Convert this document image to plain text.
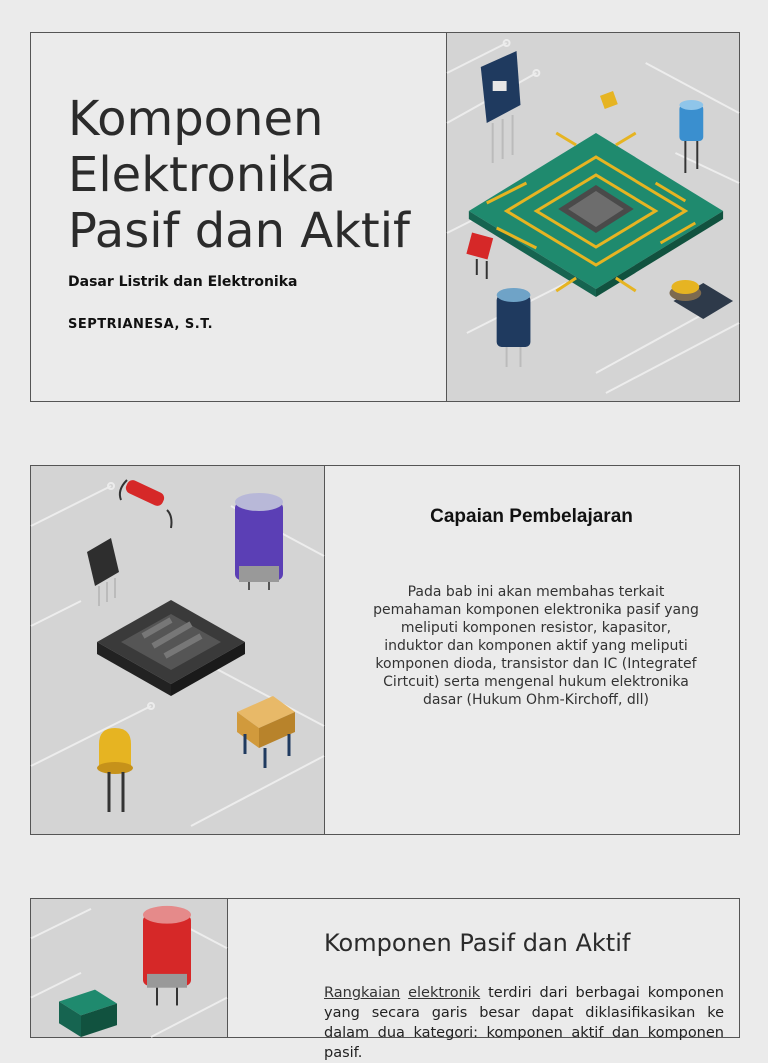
Komponen Elektronika Pasif dan Aktif
Dasar Listrik dan Elektronika
SEPTRIANESA, S.T.
Capaian Pembelajaran
Pada bab ini akan membahas terkait pemahaman komponen elektronika pasif yang meliputi komponen resistor, kapasitor, induktor dan komponen aktif yang meliputi komponen dioda, transistor dan IC (Integratef Cirtcuit) serta mengenal hukum elektronika dasar (Hukum Ohm-Kirchoff, dll)
Komponen Pasif dan Aktif
Rangkaian elektronik terdiri dari berbagai komponen yang secara garis besar dapat diklasifikasikan ke dalam dua kategori: komponen aktif dan komponen pasif.
